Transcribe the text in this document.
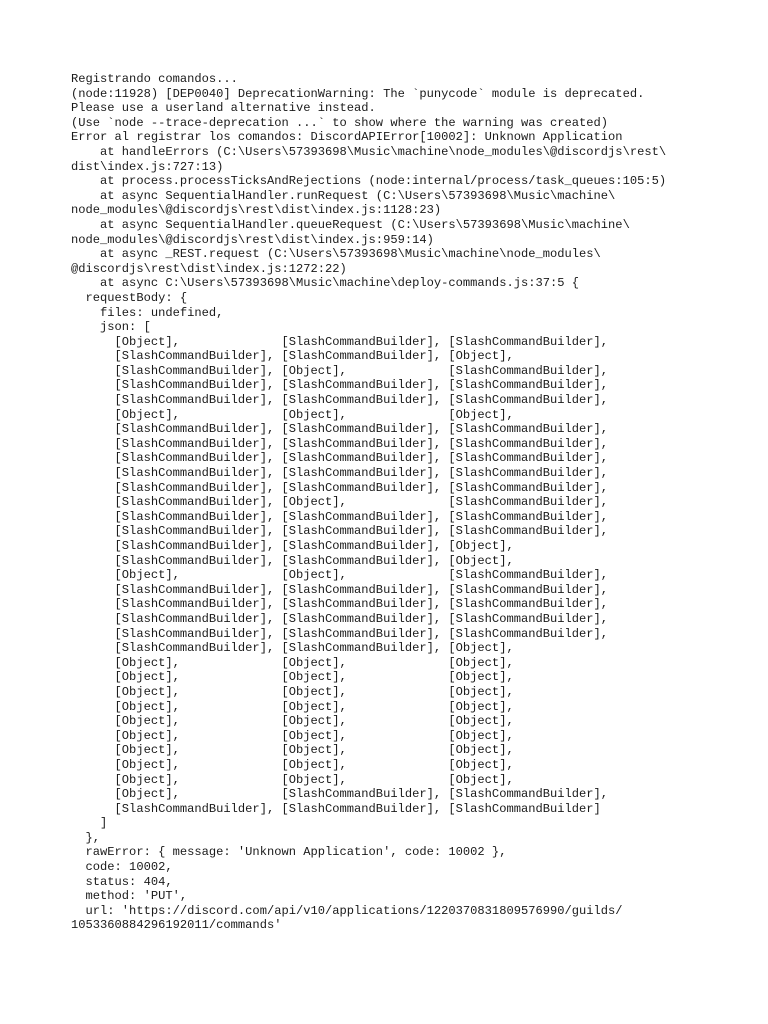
Registrando comandos...
(node:11928) [DEP0040] DeprecationWarning: The `punycode` module is deprecated.
Please use a userland alternative instead.
(Use `node --trace-deprecation ...` to show where the warning was created)
Error al registrar los comandos: DiscordAPIError[10002]: Unknown Application
at handleErrors (C:\Users\57393698\Music\machine\node_modules\@discordjs\rest\
dist\index.js:727:13)
at process.processTicksAndRejections (node:internal/process/task_queues:105:5)
at async SequentialHandler.runRequest (C:\Users\57393698\Music\machine\
node_modules\@discordjs\rest\dist\index.js:1128:23)
at async SequentialHandler.queueRequest (C:\Users\57393698\Music\machine\
node_modules\@discordjs\rest\dist\index.js:959:14)
at async _REST.request (C:\Users\57393698\Music\machine\node_modules\
@discordjs\rest\dist\index.js:1272:22)
at async C:\Users\57393698\Music\machine\deploy-commands.js:37:5 {
requestBody: {
files: undefined,
json: [
[Object],              [SlashCommandBuilder], [SlashCommandBuilder],
[SlashCommandBuilder], [SlashCommandBuilder], [Object],
[SlashCommandBuilder], [Object],              [SlashCommandBuilder],
[SlashCommandBuilder], [SlashCommandBuilder], [SlashCommandBuilder],
[SlashCommandBuilder], [SlashCommandBuilder], [SlashCommandBuilder],
[Object],              [Object],              [Object],
[SlashCommandBuilder], [SlashCommandBuilder], [SlashCommandBuilder],
[SlashCommandBuilder], [SlashCommandBuilder], [SlashCommandBuilder],
[SlashCommandBuilder], [SlashCommandBuilder], [SlashCommandBuilder],
[SlashCommandBuilder], [SlashCommandBuilder], [SlashCommandBuilder],
[SlashCommandBuilder], [SlashCommandBuilder], [SlashCommandBuilder],
[SlashCommandBuilder], [Object],              [SlashCommandBuilder],
[SlashCommandBuilder], [SlashCommandBuilder], [SlashCommandBuilder],
[SlashCommandBuilder], [SlashCommandBuilder], [SlashCommandBuilder],
[SlashCommandBuilder], [SlashCommandBuilder], [Object],
[SlashCommandBuilder], [SlashCommandBuilder], [Object],
[Object],              [Object],              [SlashCommandBuilder],
[SlashCommandBuilder], [SlashCommandBuilder], [SlashCommandBuilder],
[SlashCommandBuilder], [SlashCommandBuilder], [SlashCommandBuilder],
[SlashCommandBuilder], [SlashCommandBuilder], [SlashCommandBuilder],
[SlashCommandBuilder], [SlashCommandBuilder], [SlashCommandBuilder],
[SlashCommandBuilder], [SlashCommandBuilder], [Object],
[Object],              [Object],              [Object],
[Object],              [Object],              [Object],
[Object],              [Object],              [Object],
[Object],              [Object],              [Object],
[Object],              [Object],              [Object],
[Object],              [Object],              [Object],
[Object],              [Object],              [Object],
[Object],              [Object],              [Object],
[Object],              [Object],              [Object],
[Object],              [SlashCommandBuilder], [SlashCommandBuilder],
[SlashCommandBuilder], [SlashCommandBuilder], [SlashCommandBuilder]
]
},
rawError: { message: 'Unknown Application', code: 10002 },
code: 10002,
status: 404,
method: 'PUT',
url: 'https://discord.com/api/v10/applications/1220370831809576990/guilds/
1053360884296192011/commands'
